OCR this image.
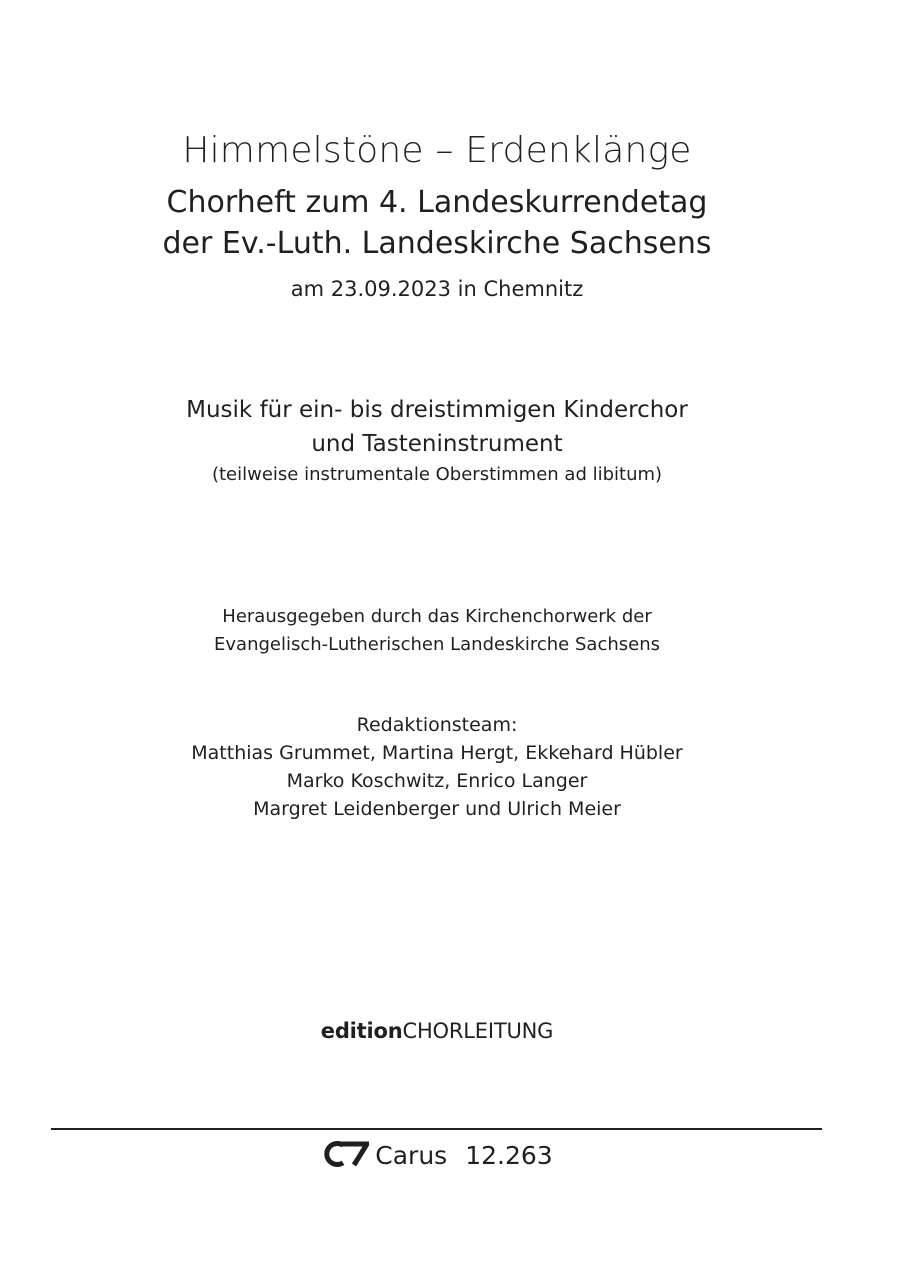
Himmelstöne – Erdenklänge
Chorheft zum 4. Landeskurrendetag
der Ev.-Luth. Landeskirche Sachsens
am 23.09.2023 in Chemnitz
Musik für ein- bis dreistimmigen Kinderchor
und Tasteninstrument
(teilweise instrumentale Oberstimmen ad libitum)
Herausgegeben durch das Kirchenchorwerk der
Evangelisch-Lutherischen Landeskirche Sachsens
Redaktionsteam:
Matthias Grummet, Martina Hergt, Ekkehard Hübler
Marko Koschwitz, Enrico Langer
Margret Leidenberger und Ulrich Meier
editionCHORLEITUNG
Carus 12.263
